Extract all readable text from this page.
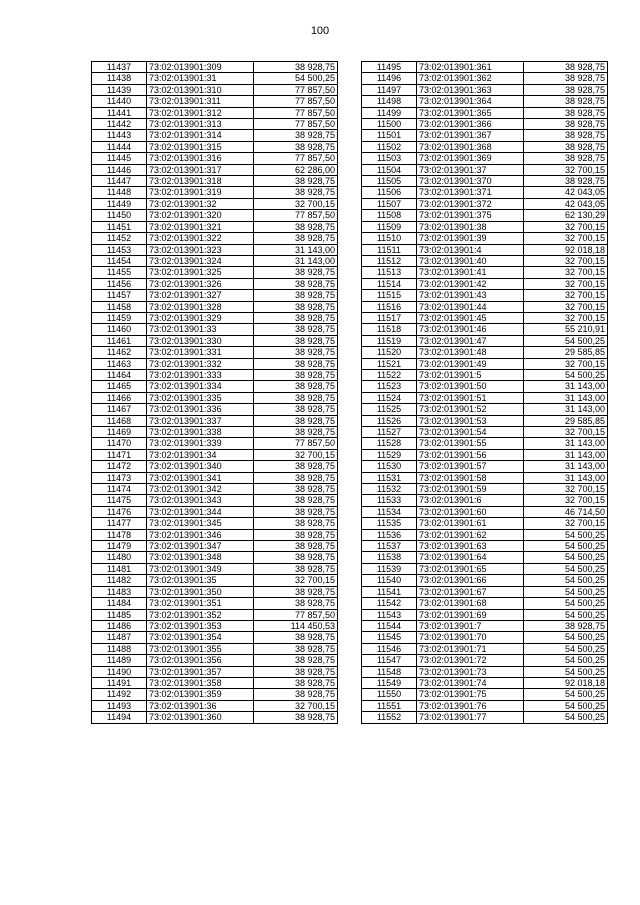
100
11437	73:02:013901:309	38 928,75
11438	73:02:013901:31	54 500,25
11439	73:02:013901:310	77 857,50
11440	73:02:013901:311	77 857,50
11441	73:02:013901:312	77 857,50
11442	73:02:013901:313	77 857,50
11443	73:02:013901:314	38 928,75
11444	73:02:013901:315	38 928,75
11445	73:02:013901:316	77 857,50
11446	73:02:013901:317	62 286,00
11447	73:02:013901:318	38 928,75
11448	73:02:013901:319	38 928,75
11449	73:02:013901:32	32 700,15
11450	73:02:013901:320	77 857,50
11451	73:02:013901:321	38 928,75
11452	73:02:013901:322	38 928,75
11453	73:02:013901:323	31 143,00
11454	73:02:013901:324	31 143,00
11455	73:02:013901:325	38 928,75
11456	73:02:013901:326	38 928,75
11457	73:02:013901:327	38 928,75
11458	73:02:013901:328	38 928,75
11459	73:02:013901:329	38 928,75
11460	73:02:013901:33	38 928,75
11461	73:02:013901:330	38 928,75
11462	73:02:013901:331	38 928,75
11463	73:02:013901:332	38 928,75
11464	73:02:013901:333	38 928,75
11465	73:02:013901:334	38 928,75
11466	73:02:013901:335	38 928,75
11467	73:02:013901:336	38 928,75
11468	73:02:013901:337	38 928,75
11469	73:02:013901:338	38 928,75
11470	73:02:013901:339	77 857,50
11471	73:02:013901:34	32 700,15
11472	73:02:013901:340	38 928,75
11473	73:02:013901:341	38 928,75
11474	73:02:013901:342	38 928,75
11475	73:02:013901:343	38 928,75
11476	73:02:013901:344	38 928,75
11477	73:02:013901:345	38 928,75
11478	73:02:013901:346	38 928,75
11479	73:02:013901:347	38 928,75
11480	73:02:013901:348	38 928,75
11481	73:02:013901:349	38 928,75
11482	73:02:013901:35	32 700,15
11483	73:02:013901:350	38 928,75
11484	73:02:013901:351	38 928,75
11485	73:02:013901:352	77 857,50
11486	73:02:013901:353	114 450,53
11487	73:02:013901:354	38 928,75
11488	73:02:013901:355	38 928,75
11489	73:02:013901:356	38 928,75
11490	73:02:013901:357	38 928,75
11491	73:02:013901:358	38 928,75
11492	73:02:013901:359	38 928,75
11493	73:02:013901:36	32 700,15
11494	73:02:013901:360	38 928,75
11495	73:02:013901:361	38 928,75
11496	73:02:013901:362	38 928,75
11497	73:02:013901:363	38 928,75
11498	73:02:013901:364	38 928,75
11499	73:02:013901:365	38 928,75
11500	73:02:013901:366	38 928,75
11501	73:02:013901:367	38 928,75
11502	73:02:013901:368	38 928,75
11503	73:02:013901:369	38 928,75
11504	73:02:013901:37	32 700,15
11505	73:02:013901:370	38 928,75
11506	73:02:013901:371	42 043,05
11507	73:02:013901:372	42 043,05
11508	73:02:013901:375	62 130,29
11509	73:02:013901:38	32 700,15
11510	73:02:013901:39	32 700,15
11511	73:02:013901:4	92 018,18
11512	73:02:013901:40	32 700,15
11513	73:02:013901:41	32 700,15
11514	73:02:013901:42	32 700,15
11515	73:02:013901:43	32 700,15
11516	73:02:013901:44	32 700,15
11517	73:02:013901:45	32 700,15
11518	73:02:013901:46	55 210,91
11519	73:02:013901:47	54 500,25
11520	73:02:013901:48	29 585,85
11521	73:02:013901:49	32 700,15
11522	73:02:013901:5	54 500,25
11523	73:02:013901:50	31 143,00
11524	73:02:013901:51	31 143,00
11525	73:02:013901:52	31 143,00
11526	73:02:013901:53	29 585,85
11527	73:02:013901:54	32 700,15
11528	73:02:013901:55	31 143,00
11529	73:02:013901:56	31 143,00
11530	73:02:013901:57	31 143,00
11531	73:02:013901:58	31 143,00
11532	73:02:013901:59	32 700,15
11533	73:02:013901:6	32 700,15
11534	73:02:013901:60	46 714,50
11535	73:02:013901:61	32 700,15
11536	73:02:013901:62	54 500,25
11537	73:02:013901:63	54 500,25
11538	73:02:013901:64	54 500,25
11539	73:02:013901:65	54 500,25
11540	73:02:013901:66	54 500,25
11541	73:02:013901:67	54 500,25
11542	73:02:013901:68	54 500,25
11543	73:02:013901:69	54 500,25
11544	73:02:013901:7	38 928,75
11545	73:02:013901:70	54 500,25
11546	73:02:013901:71	54 500,25
11547	73:02:013901:72	54 500,25
11548	73:02:013901:73	54 500,25
11549	73:02:013901:74	92 018,18
11550	73:02:013901:75	54 500,25
11551	73:02:013901:76	54 500,25
11552	73:02:013901:77	54 500,25
